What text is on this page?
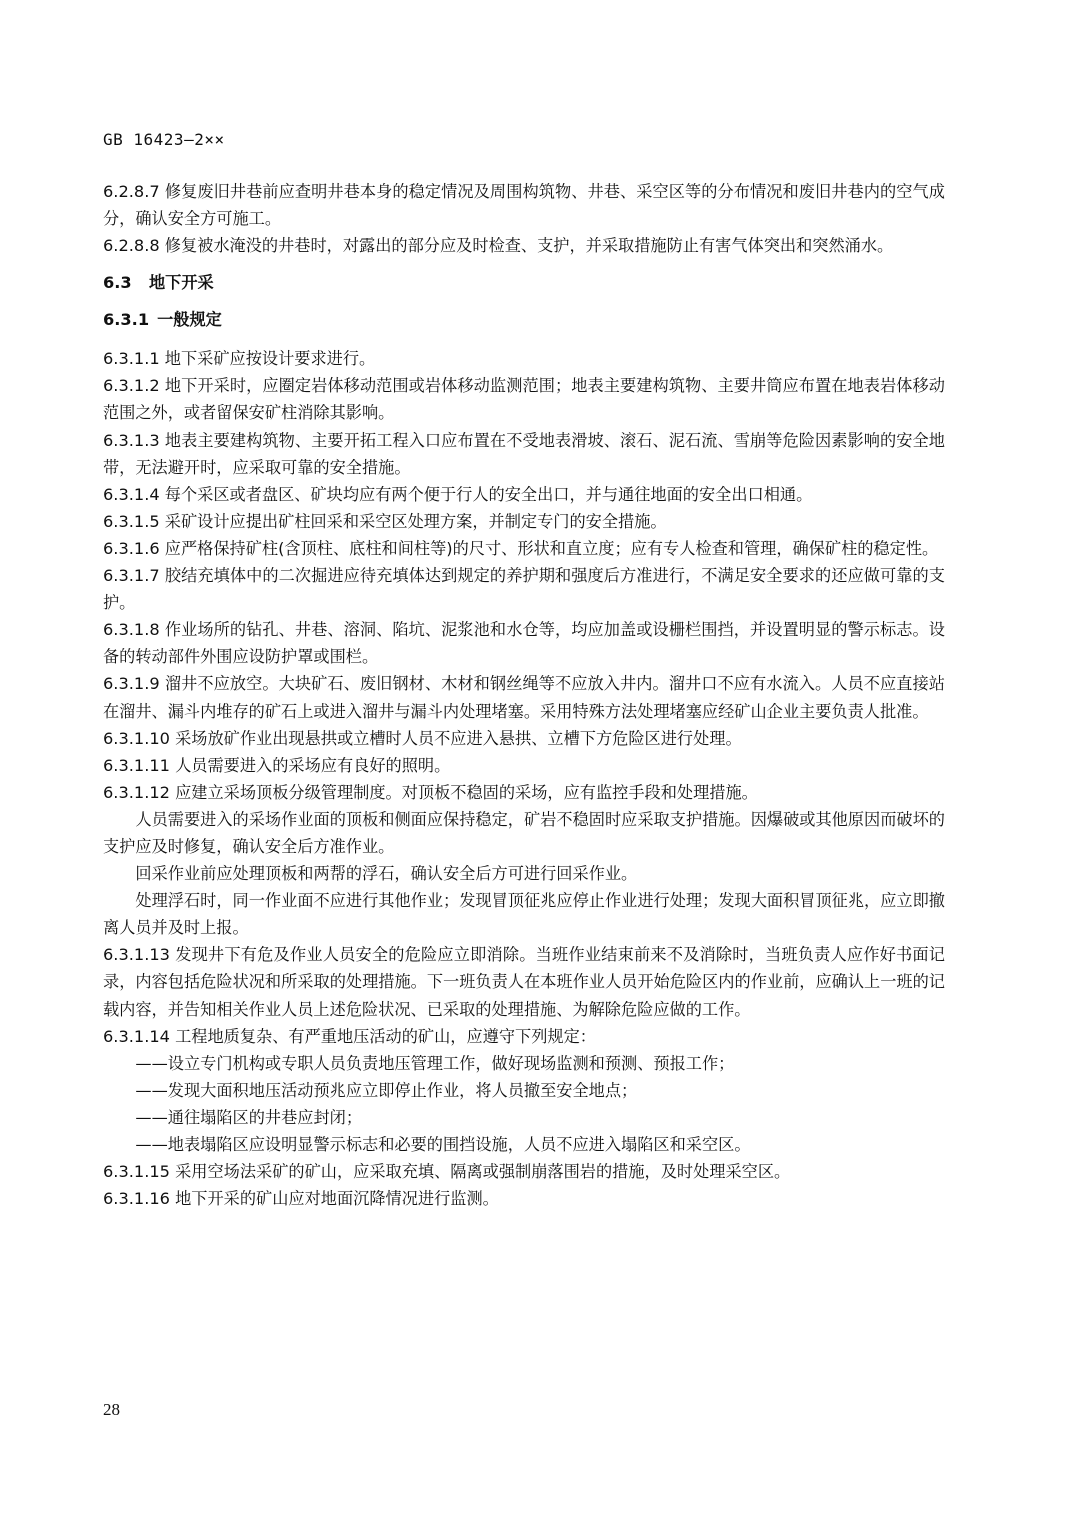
GB 16423—2××

6.2.8.7 修复废旧井巷前应查明井巷本身的稳定情况及周围构筑物、井巷、采空区等的分布情况和废旧井巷内的空气成分，确认安全方可施工。

6.2.8.8 修复被水淹没的井巷时，对露出的部分应及时检查、支护，并采取措施防止有害气体突出和突然涌水。

6.3 地下开采
6.3.1 一般规定

6.3.1.1 地下采矿应按设计要求进行。

6.3.1.2 地下开采时，应圈定岩体移动范围或岩体移动监测范围；地表主要建构筑物、主要井筒应布置在地表岩体移动范围之外，或者留保安矿柱消除其影响。

6.3.1.3 地表主要建构筑物、主要开拓工程入口应布置在不受地表滑坡、滚石、泥石流、雪崩等危险因素影响的安全地带，无法避开时，应采取可靠的安全措施。

6.3.1.4 每个采区或者盘区、矿块均应有两个便于行人的安全出口，并与通往地面的安全出口相通。

6.3.1.5 采矿设计应提出矿柱回采和采空区处理方案，并制定专门的安全措施。

6.3.1.6 应严格保持矿柱(含顶柱、底柱和间柱等)的尺寸、形状和直立度；应有专人检查和管理，确保矿柱的稳定性。

6.3.1.7 胶结充填体中的二次掘进应待充填体达到规定的养护期和强度后方准进行，不满足安全要求的还应做可靠的支护。

6.3.1.8 作业场所的钻孔、井巷、溶洞、陷坑、泥浆池和水仓等，均应加盖或设栅栏围挡，并设置明显的警示标志。设备的转动部件外围应设防护罩或围栏。

6.3.1.9 溜井不应放空。大块矿石、废旧钢材、木材和钢丝绳等不应放入井内。溜井口不应有水流入。人员不应直接站在溜井、漏斗内堆存的矿石上或进入溜井与漏斗内处理堵塞。采用特殊方法处理堵塞应经矿山企业主要负责人批准。

6.3.1.10 采场放矿作业出现悬拱或立槽时人员不应进入悬拱、立槽下方危险区进行处理。

6.3.1.11 人员需要进入的采场应有良好的照明。

6.3.1.12 应建立采场顶板分级管理制度。对顶板不稳固的采场，应有监控手段和处理措施。

人员需要进入的采场作业面的顶板和侧面应保持稳定，矿岩不稳固时应采取支护措施。因爆破或其他原因而破坏的支护应及时修复，确认安全后方准作业。

回采作业前应处理顶板和两帮的浮石，确认安全后方可进行回采作业。

处理浮石时，同一作业面不应进行其他作业；发现冒顶征兆应停止作业进行处理；发现大面积冒顶征兆，应立即撤离人员并及时上报。

6.3.1.13 发现井下有危及作业人员安全的危险应立即消除。当班作业结束前来不及消除时，当班负责人应作好书面记录，内容包括危险状况和所采取的处理措施。下一班负责人在本班作业人员开始危险区内的作业前，应确认上一班的记载内容，并告知相关作业人员上述危险状况、已采取的处理措施、为解除危险应做的工作。

6.3.1.14 工程地质复杂、有严重地压活动的矿山，应遵守下列规定：

——设立专门机构或专职人员负责地压管理工作，做好现场监测和预测、预报工作；

——发现大面积地压活动预兆应立即停止作业，将人员撤至安全地点；

——通往塌陷区的井巷应封闭；

——地表塌陷区应设明显警示标志和必要的围挡设施，人员不应进入塌陷区和采空区。

6.3.1.15 采用空场法采矿的矿山，应采取充填、隔离或强制崩落围岩的措施，及时处理采空区。

6.3.1.16 地下开采的矿山应对地面沉降情况进行监测。

28
